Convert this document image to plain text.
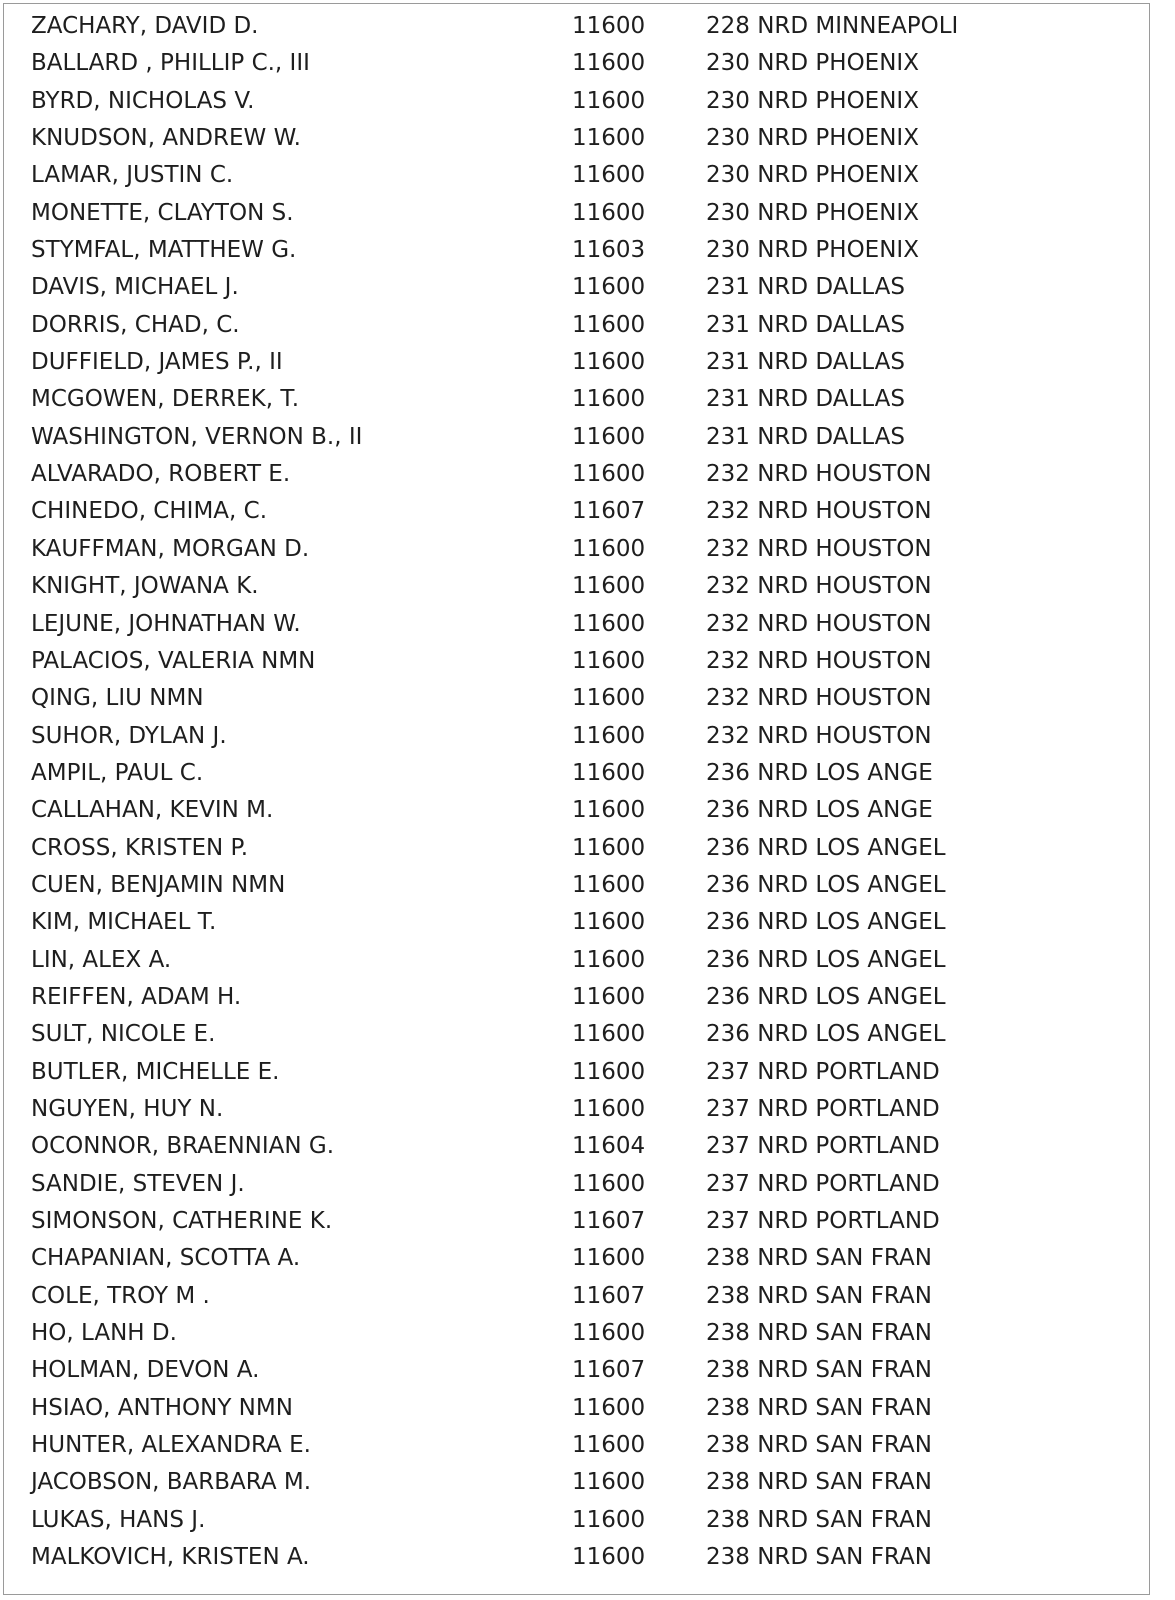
ZACHARY, DAVID D.	11600	228 NRD MINNEAPOLI
BALLARD , PHILLIP C., III	11600	230 NRD PHOENIX
BYRD, NICHOLAS V.	11600	230 NRD PHOENIX
KNUDSON, ANDREW W.	11600	230 NRD PHOENIX
LAMAR, JUSTIN C.	11600	230 NRD PHOENIX
MONETTE, CLAYTON S.	11600	230 NRD PHOENIX
STYMFAL, MATTHEW G.	11603	230 NRD PHOENIX
DAVIS, MICHAEL J.	11600	231 NRD DALLAS
DORRIS, CHAD, C.	11600	231 NRD DALLAS
DUFFIELD, JAMES P., II	11600	231 NRD DALLAS
MCGOWEN, DERREK, T.	11600	231 NRD DALLAS
WASHINGTON, VERNON B., II	11600	231 NRD DALLAS
ALVARADO, ROBERT E.	11600	232 NRD HOUSTON
CHINEDO, CHIMA, C.	11607	232 NRD HOUSTON
KAUFFMAN, MORGAN D.	11600	232 NRD HOUSTON
KNIGHT, JOWANA K.	11600	232 NRD HOUSTON
LEJUNE, JOHNATHAN W.	11600	232 NRD HOUSTON
PALACIOS, VALERIA NMN	11600	232 NRD HOUSTON
QING, LIU NMN	11600	232 NRD HOUSTON
SUHOR, DYLAN J.	11600	232 NRD HOUSTON
AMPIL, PAUL C.	11600	236 NRD LOS ANGE
CALLAHAN, KEVIN M.	11600	236 NRD LOS ANGE
CROSS, KRISTEN P.	11600	236 NRD LOS ANGEL
CUEN, BENJAMIN NMN	11600	236 NRD LOS ANGEL
KIM, MICHAEL T.	11600	236 NRD LOS ANGEL
LIN, ALEX A.	11600	236 NRD LOS ANGEL
REIFFEN, ADAM H.	11600	236 NRD LOS ANGEL
SULT, NICOLE E.	11600	236 NRD LOS ANGEL
BUTLER, MICHELLE E.	11600	237 NRD PORTLAND
NGUYEN, HUY N.	11600	237 NRD PORTLAND
OCONNOR, BRAENNIAN G.	11604	237 NRD PORTLAND
SANDIE, STEVEN J.	11600	237 NRD PORTLAND
SIMONSON, CATHERINE K.	11607	237 NRD PORTLAND
CHAPANIAN, SCOTTA A.	11600	238 NRD SAN FRAN
COLE, TROY M .	11607	238 NRD SAN FRAN
HO, LANH D.	11600	238 NRD SAN FRAN
HOLMAN, DEVON A.	11607	238 NRD SAN FRAN
HSIAO, ANTHONY NMN	11600	238 NRD SAN FRAN
HUNTER, ALEXANDRA E.	11600	238 NRD SAN FRAN
JACOBSON, BARBARA M.	11600	238 NRD SAN FRAN
LUKAS, HANS J.	11600	238 NRD SAN FRAN
MALKOVICH, KRISTEN A.	11600	238 NRD SAN FRAN
